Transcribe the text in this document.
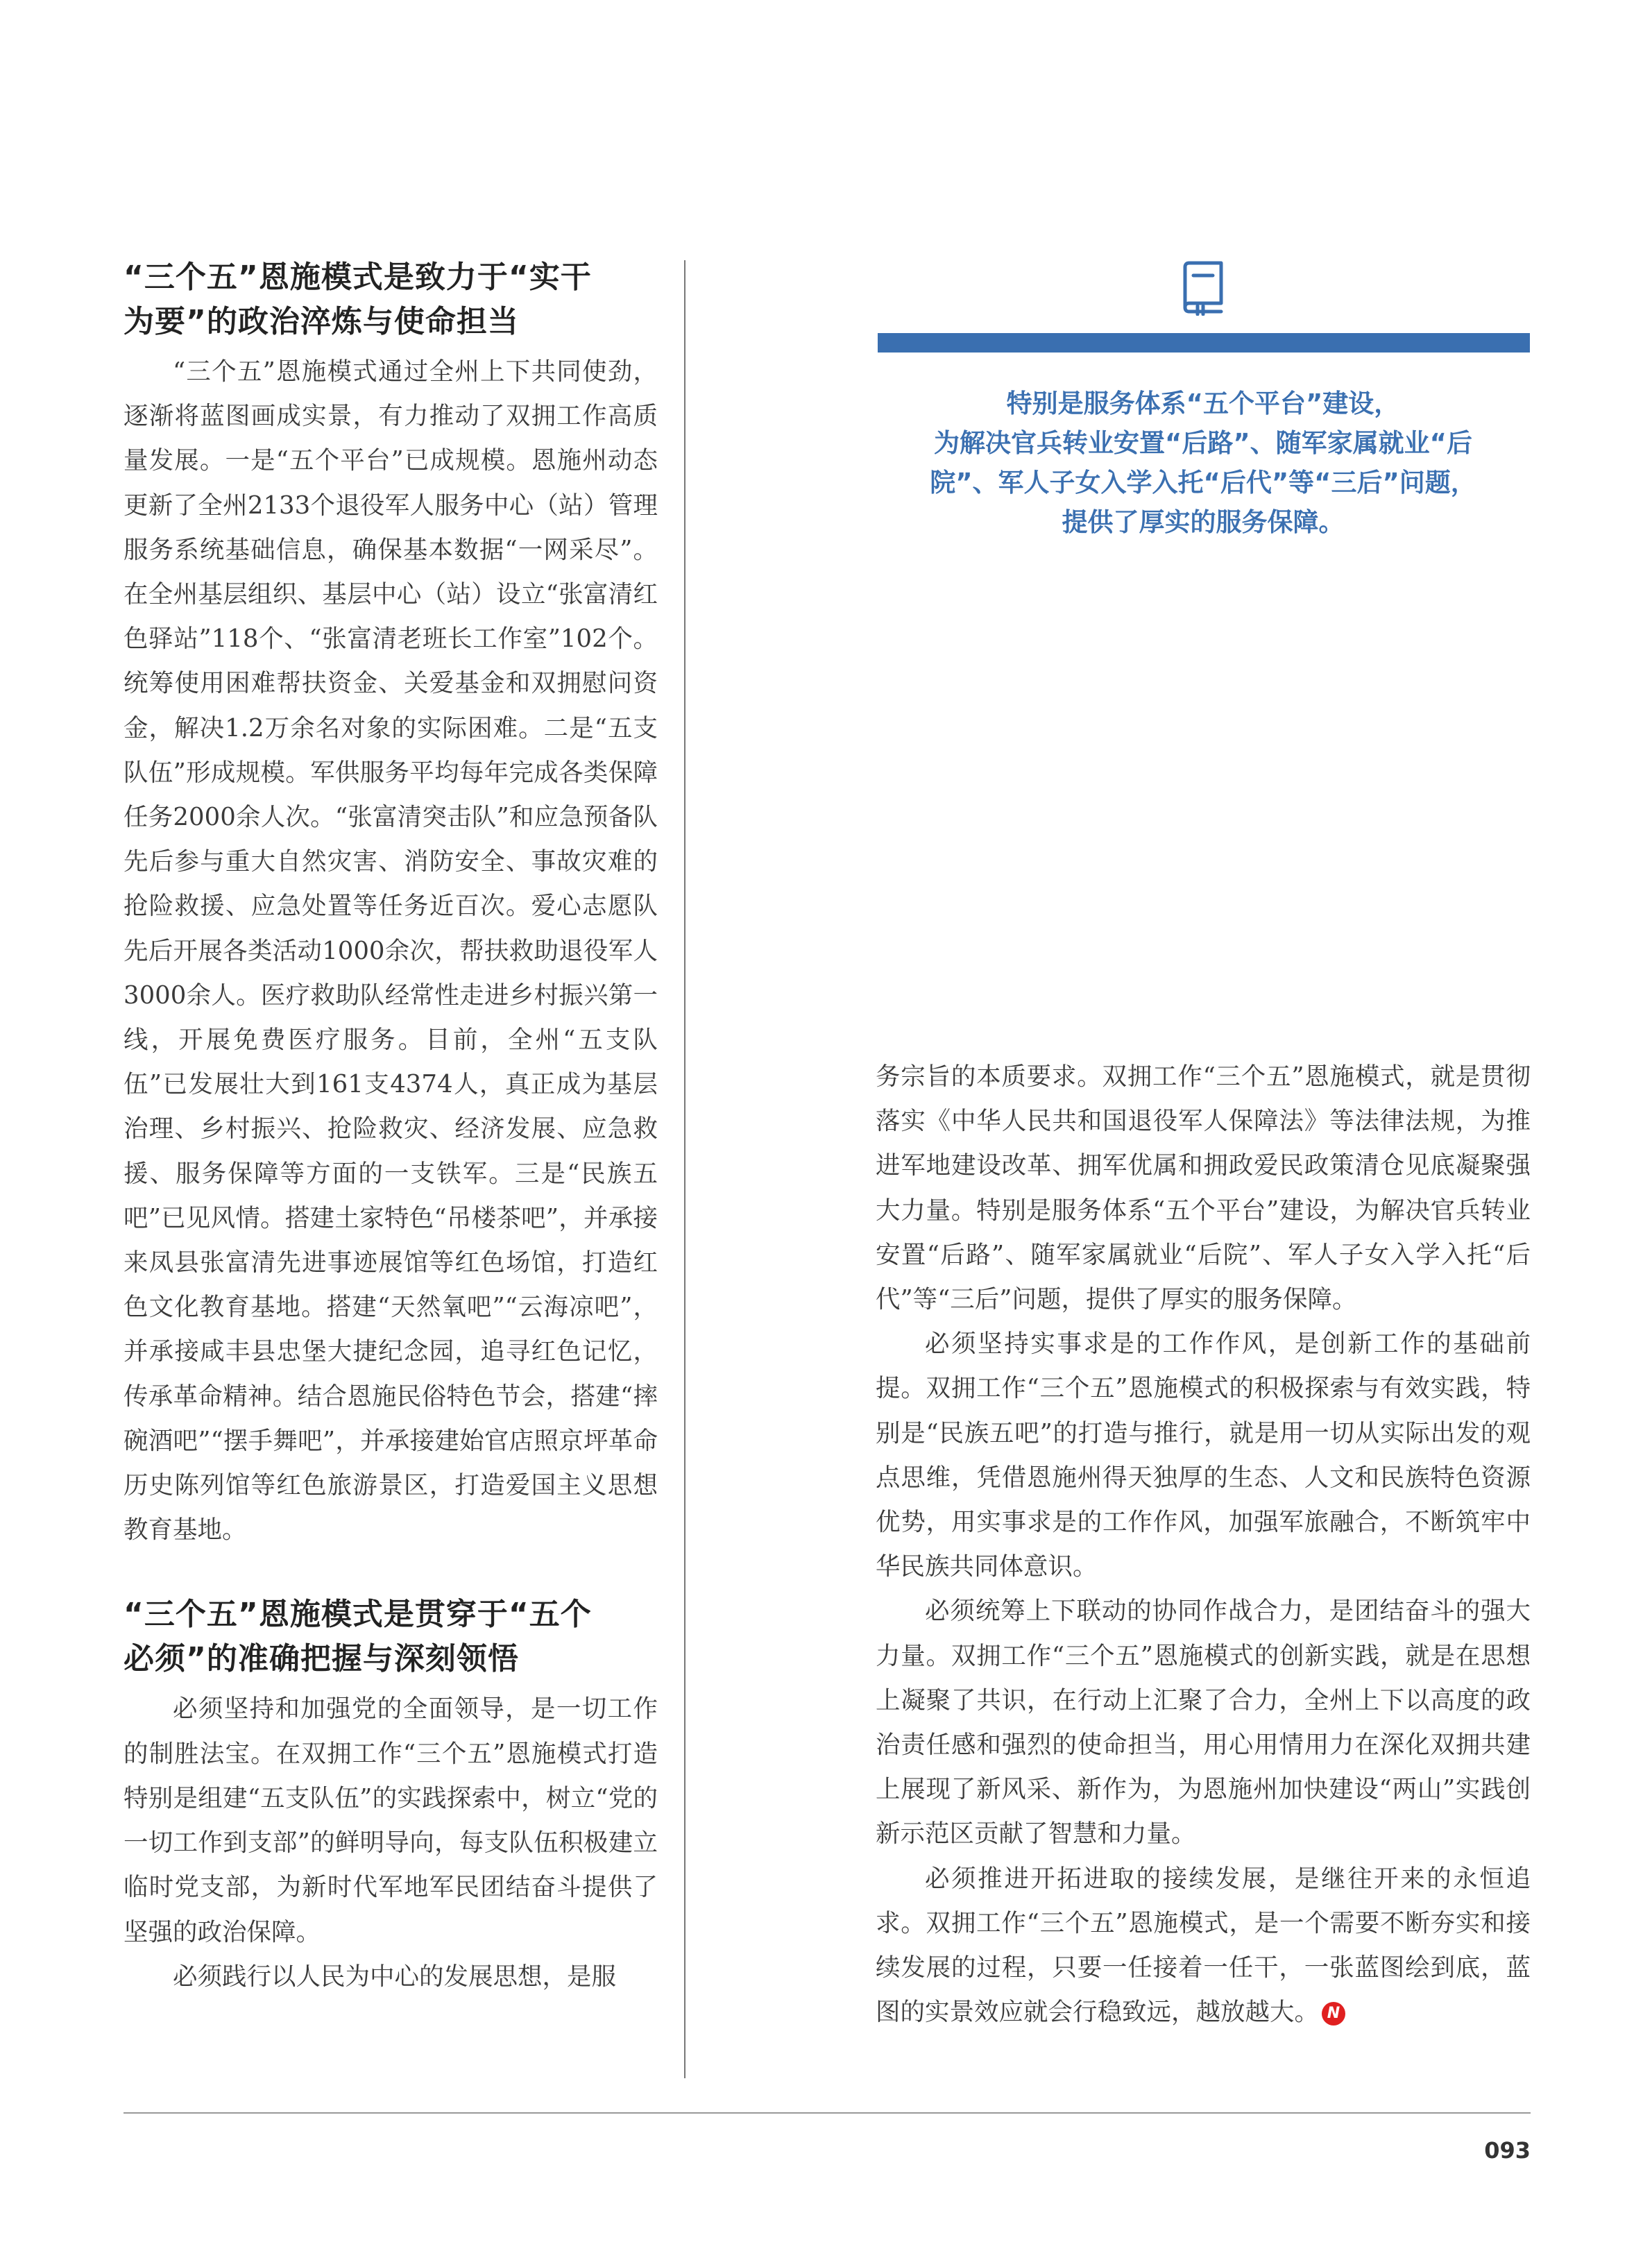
“三个五”恩施模式是致力于“实干
为要”的政治淬炼与使命担当

“三个五”恩施模式通过全州上下共同使劲，逐渐将蓝图画成实景，有力推动了双拥工作高质量发展。一是“五个平台”已成规模。恩施州动态更新了全州2133个退役军人服务中心（站）管理服务系统基础信息，确保基本数据“一网采尽”。在全州基层组织、基层中心（站）设立“张富清红色驿站”118个、“张富清老班长工作室”102个。统筹使用困难帮扶资金、关爱基金和双拥慰问资金，解决1.2万余名对象的实际困难。二是“五支队伍”形成规模。军供服务平均每年完成各类保障任务2000余人次。“张富清突击队”和应急预备队先后参与重大自然灾害、消防安全、事故灾难的抢险救援、应急处置等任务近百次。爱心志愿队先后开展各类活动1000余次，帮扶救助退役军人3000余人。医疗救助队经常性走进乡村振兴第一线，开展免费医疗服务。目前，全州“五支队伍”已发展壮大到161支4374人，真正成为基层治理、乡村振兴、抢险救灾、经济发展、应急救援、服务保障等方面的一支铁军。三是“民族五吧”已见风情。搭建土家特色“吊楼茶吧”，并承接来凤县张富清先进事迹展馆等红色场馆，打造红色文化教育基地。搭建“天然氧吧”“云海凉吧”，并承接咸丰县忠堡大捷纪念园，追寻红色记忆，传承革命精神。结合恩施民俗特色节会，搭建“摔碗酒吧”“摆手舞吧”，并承接建始官店照京坪革命历史陈列馆等红色旅游景区，打造爱国主义思想教育基地。

“三个五”恩施模式是贯穿于“五个
必须”的准确把握与深刻领悟

必须坚持和加强党的全面领导，是一切工作的制胜法宝。在双拥工作“三个五”恩施模式打造特别是组建“五支队伍”的实践探索中，树立“党的一切工作到支部”的鲜明导向，每支队伍积极建立临时党支部，为新时代军地军民团结奋斗提供了坚强的政治保障。

必须践行以人民为中心的发展思想，是服

特别是服务体系“五个平台”建设，
为解决官兵转业安置“后路”、随军家属就业“后
院”、军人子女入学入托“后代”等“三后”问题，
提供了厚实的服务保障。

务宗旨的本质要求。双拥工作“三个五”恩施模式，就是贯彻落实《中华人民共和国退役军人保障法》等法律法规，为推进军地建设改革、拥军优属和拥政爱民政策清仓见底凝聚强大力量。特别是服务体系“五个平台”建设，为解决官兵转业安置“后路”、随军家属就业“后院”、军人子女入学入托“后代”等“三后”问题，提供了厚实的服务保障。

必须坚持实事求是的工作作风，是创新工作的基础前提。双拥工作“三个五”恩施模式的积极探索与有效实践，特别是“民族五吧”的打造与推行，就是用一切从实际出发的观点思维，凭借恩施州得天独厚的生态、人文和民族特色资源优势，用实事求是的工作作风，加强军旅融合，不断筑牢中华民族共同体意识。

必须统筹上下联动的协同作战合力，是团结奋斗的强大力量。双拥工作“三个五”恩施模式的创新实践，就是在思想上凝聚了共识，在行动上汇聚了合力，全州上下以高度的政治责任感和强烈的使命担当，用心用情用力在深化双拥共建上展现了新风采、新作为，为恩施州加快建设“两山”实践创新示范区贡献了智慧和力量。

必须推进开拓进取的接续发展，是继往开来的永恒追求。双拥工作“三个五”恩施模式，是一个需要不断夯实和接续发展的过程，只要一任接着一任干，一张蓝图绘到底，蓝图的实景效应就会行稳致远，越放越大。 N

093
